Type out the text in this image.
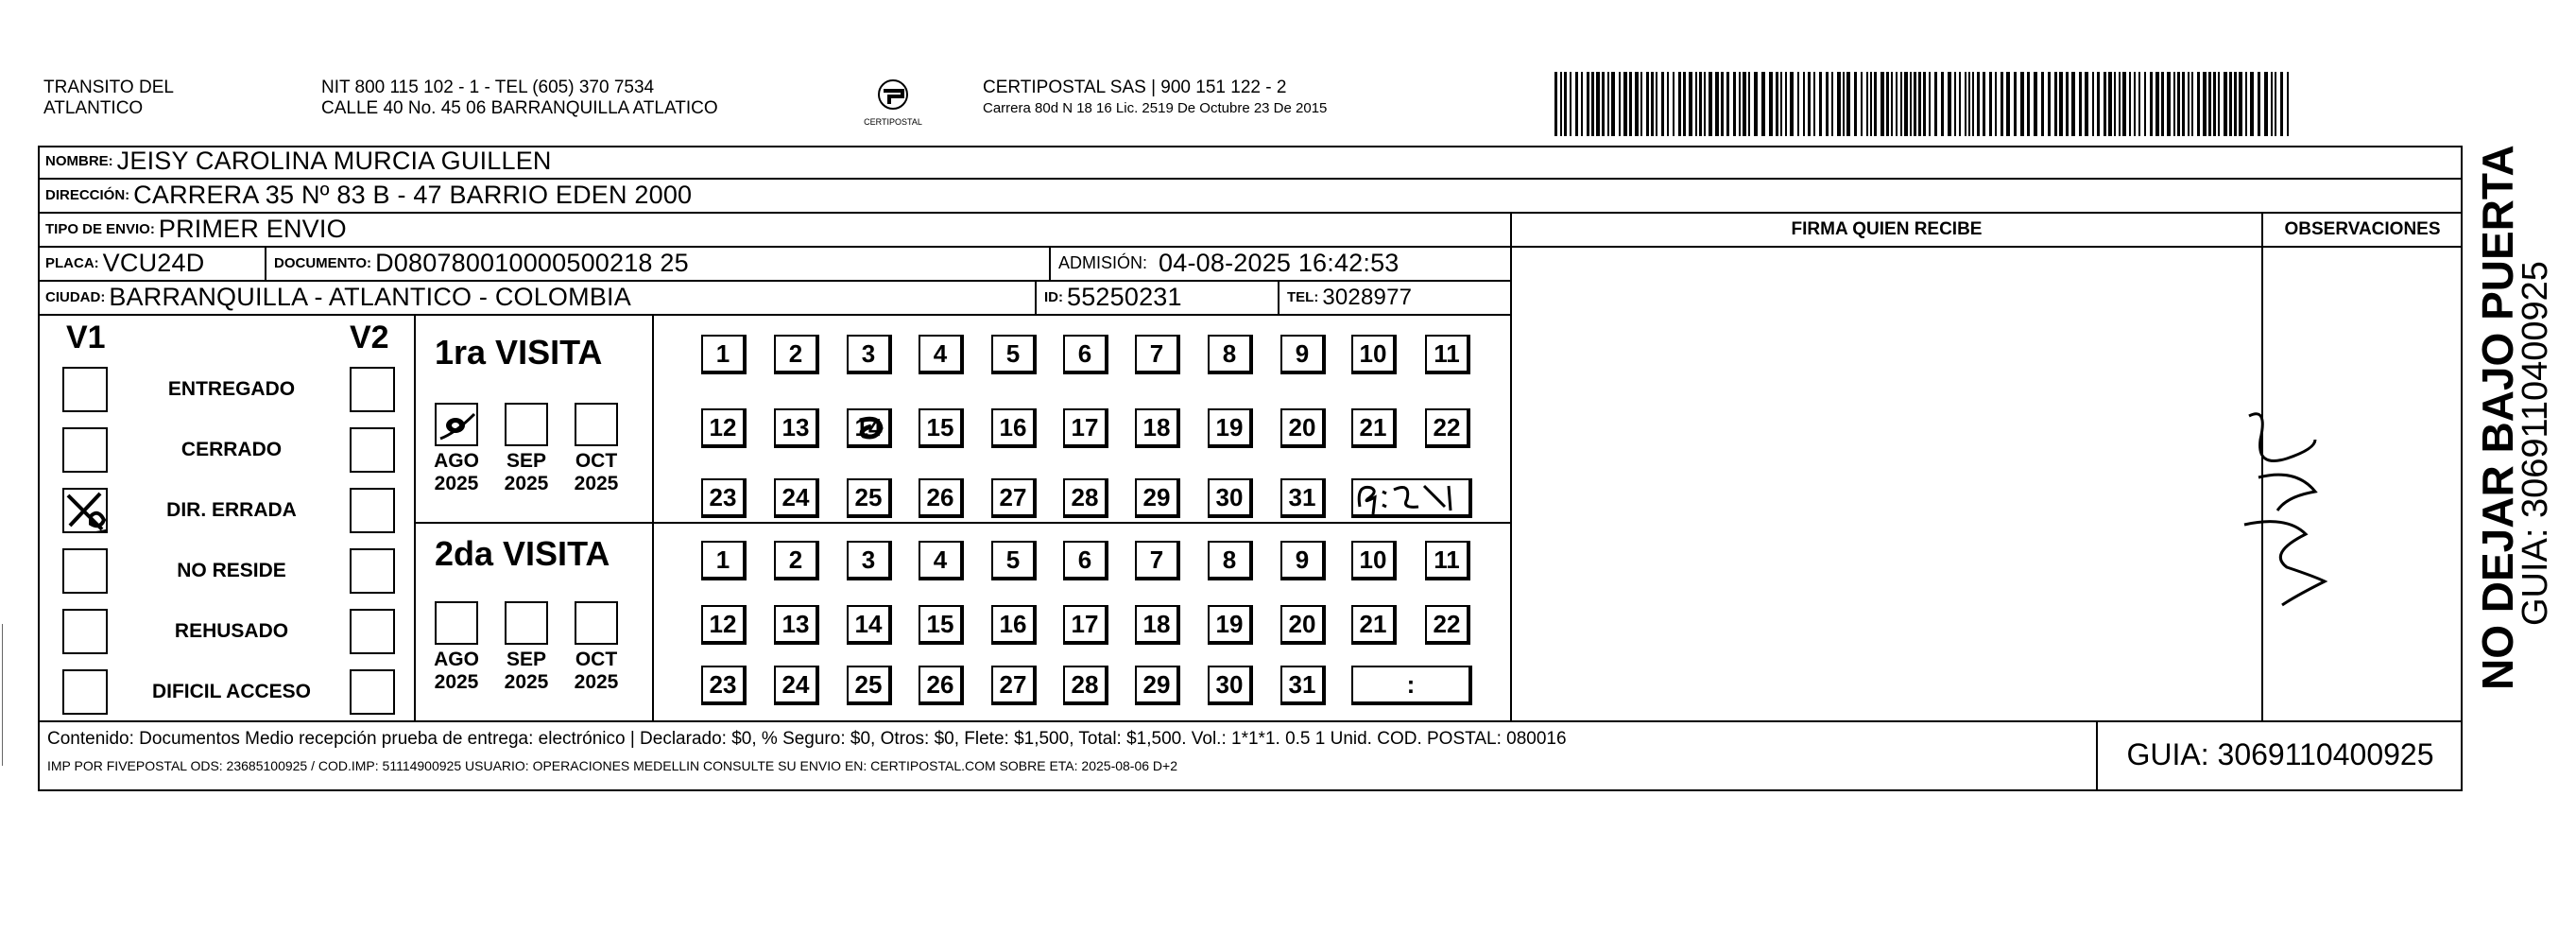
TRANSITO DEL
ATLANTICO
NIT 800 115 102 - 1 - TEL (605) 370 7534
CALLE 40 No. 45 06 BARRANQUILLA ATLATICO
CERTIPOSTAL
CERTIPOSTAL SAS | 900 151 122 - 2
Carrera 80d N 18 16 Lic. 2519 De Octubre 23 De 2015
NOMBRE: JEISY CAROLINA MURCIA GUILLEN
DIRECCIÓN: CARRERA 35 Nº 83 B - 47 BARRIO EDEN 2000
TIPO DE ENVIO: PRIMER ENVIO
PLACA: VCU24D	DOCUMENTO: D080780010000500218 25	ADMISIÓN: 04-08-2025 16:42:53
CIUDAD: BARRANQUILLA - ATLANTICO - COLOMBIA	ID: 55250231	TEL: 3028977
FIRMA QUIEN RECIBE	OBSERVACIONES
V1	V2
ENTREGADO
CERRADO
DIR. ERRADA
NO RESIDE
REHUSADO
DIFICIL ACCESO
1ra VISITA
2da VISITA
AGO
2025
SEP
2025
OCT
2025
AGO
2025
SEP
2025
OCT
2025
1	2	3	4	5	6	7	8	9	10	11
12	13	14	15	16	17	18	19	20	21	22
23	24	25	26	27	28	29	30	31
1	2	3	4	5	6	7	8	9	10	11
12	13	14	15	16	17	18	19	20	21	22
23	24	25	26	27	28	29	30	31	:
Contenido: Documentos Medio recepción prueba de entrega: electrónico | Declarado: $0, % Seguro: $0, Otros: $0, Flete: $1,500, Total: $1,500. Vol.: 1*1*1. 0.5 1 Unid. COD. POSTAL: 080016
IMP POR FIVEPOSTAL ODS: 23685100925 / COD.IMP: 51114900925 USUARIO: OPERACIONES MEDELLIN CONSULTE SU ENVIO EN: CERTIPOSTAL.COM SOBRE ETA: 2025-08-06 D+2	GUIA: 3069110400925
NO DEJAR BAJO PUERTA
GUIA: 3069110400925
